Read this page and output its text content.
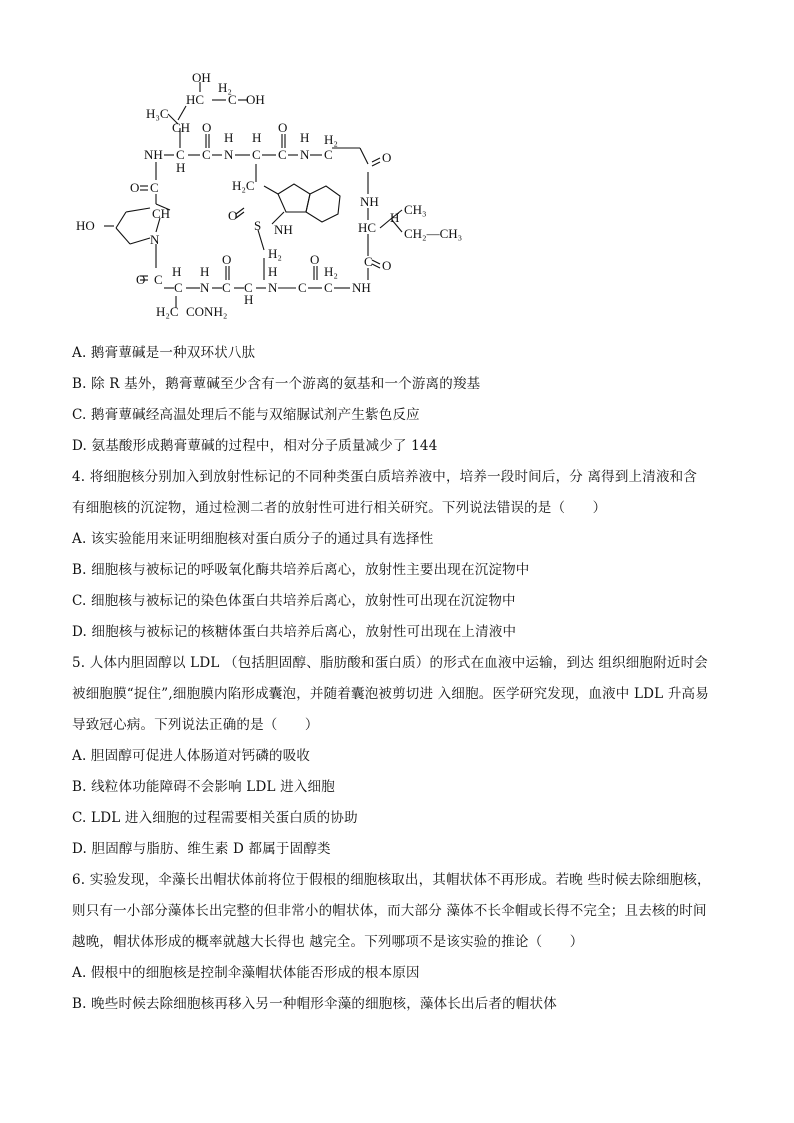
OH
H₂
HC C OH
H₃C
CH
NH C
H
C
O
N
H
C
H
C
O
N
H H₂
C	O
H₂C
NH
HC
H
CH₃
CH₂—CH₃
O C
CH
HO
N
S
O
NH
H₂
O C
H
C N
H
C
O
C
H
N
H
O
C C
H₂
NH
C O
H₂C CONH₂
A. 鹅膏蕈碱是一种双环状八肽
B. 除 R 基外，鹅膏蕈碱至少含有一个游离的氨基和一个游离的羧基
C. 鹅膏蕈碱经高温处理后不能与双缩脲试剂产生紫色反应
D. 氨基酸形成鹅膏蕈碱的过程中，相对分子质量减少了 144
4. 将细胞核分别加入到放射性标记的不同种类蛋白质培养液中，培养一段时间后，分 离得到上清液和含
有细胞核的沉淀物，通过检测二者的放射性可进行相关研究。下列说法错误的是（　　）
A. 该实验能用来证明细胞核对蛋白质分子的通过具有选择性
B. 细胞核与被标记的呼吸氧化酶共培养后离心，放射性主要出现在沉淀物中
C. 细胞核与被标记的染色体蛋白共培养后离心，放射性可出现在沉淀物中
D. 细胞核与被标记的核糖体蛋白共培养后离心，放射性可出现在上清液中
5. 人体内胆固醇以 LDL （包括胆固醇、脂肪酸和蛋白质）的形式在血液中运输，到达 组织细胞附近时会
被细胞膜“捉住”,细胞膜内陷形成囊泡，并随着囊泡被剪切进 入细胞。医学研究发现，血液中 LDL 升高易
导致冠心病。下列说法正确的是（　　）
A. 胆固醇可促进人体肠道对钙磷的吸收
B. 线粒体功能障碍不会影响 LDL 进入细胞
C. LDL 进入细胞的过程需要相关蛋白质的协助
D. 胆固醇与脂肪、维生素 D 都属于固醇类
6. 实验发现，伞藻长出帽状体前将位于假根的细胞核取出，其帽状体不再形成。若晚 些时候去除细胞核，
则只有一小部分藻体长出完整的但非常小的帽状体，而大部分 藻体不长伞帽或长得不完全；且去核的时间
越晚，帽状体形成的概率就越大长得也 越完全。下列哪项不是该实验的推论（　　）
A. 假根中的细胞核是控制伞藻帽状体能否形成的根本原因
B. 晚些时候去除细胞核再移入另一种帽形伞藻的细胞核，藻体长出后者的帽状体
